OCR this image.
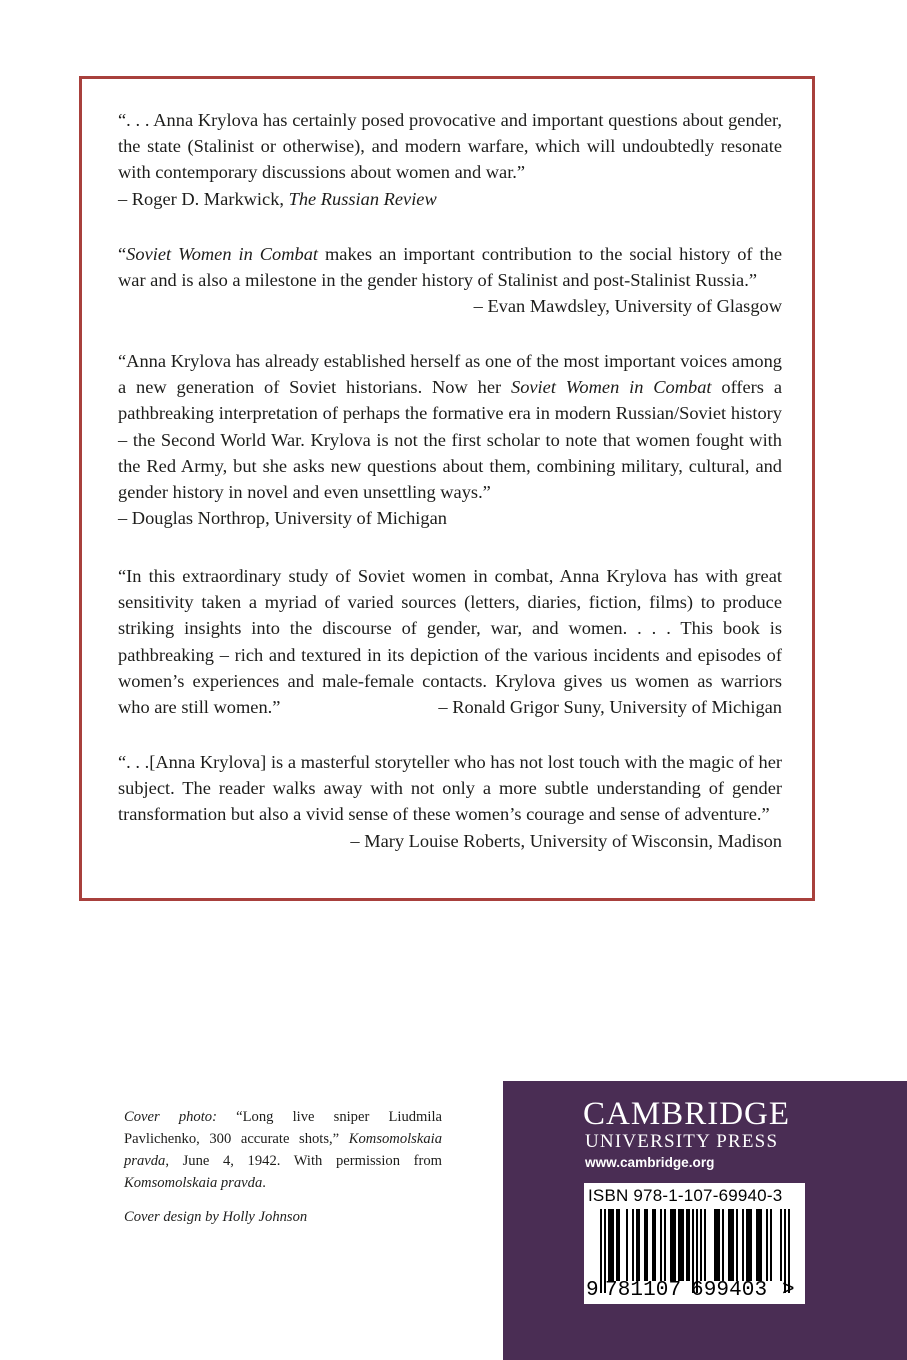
“. . . Anna Krylova has certainly posed provocative and important questions about gender, the state (Stalinist or otherwise), and modern warfare, which will undoubtedly resonate with contemporary discussions about women and war.”
– Roger D. Markwick, The Russian Review

“Soviet Women in Combat makes an important contribution to the social history of the war and is also a milestone in the gender history of Stalinist and post-Stalinist Russia.”
– Evan Mawdsley, University of Glasgow

“Anna Krylova has already established herself as one of the most important voices among a new generation of Soviet historians. Now her Soviet Women in Combat offers a pathbreaking interpretation of perhaps the formative era in modern Russian/Soviet history – the Second World War. Krylova is not the first scholar to note that women fought with the Red Army, but she asks new questions about them, combining military, cultural, and gender history in novel and even unsettling ways.”
– Douglas Northrop, University of Michigan

“In this extraordinary study of Soviet women in combat, Anna Krylova has with great sensitivity taken a myriad of varied sources (letters, diaries, fiction, films) to produce striking insights into the discourse of gender, war, and women. . . . This book is pathbreaking – rich and textured in its depiction of the various incidents and episodes of women’s experiences and male-female contacts. Krylova gives us women as warriors who are still women.”	– Ronald Grigor Suny, University of Michigan

“. . .[Anna Krylova] is a masterful storyteller who has not lost touch with the magic of her subject. The reader walks away with not only a more subtle understanding of gender transformation but also a vivid sense of these women’s courage and sense of adventure.”
– Mary Louise Roberts, University of Wisconsin, Madison

Cover photo: “Long live sniper Liudmila Pavlichenko, 300 accurate shots,” Komsomolskaia pravda, June 4, 1942. With permission from Komsomolskaia pravda.

Cover design by Holly Johnson
CAMBRIDGE
UNIVERSITY PRESS
www.cambridge.org
ISBN 978-1-107-69940-3
9 781107 699403 >
